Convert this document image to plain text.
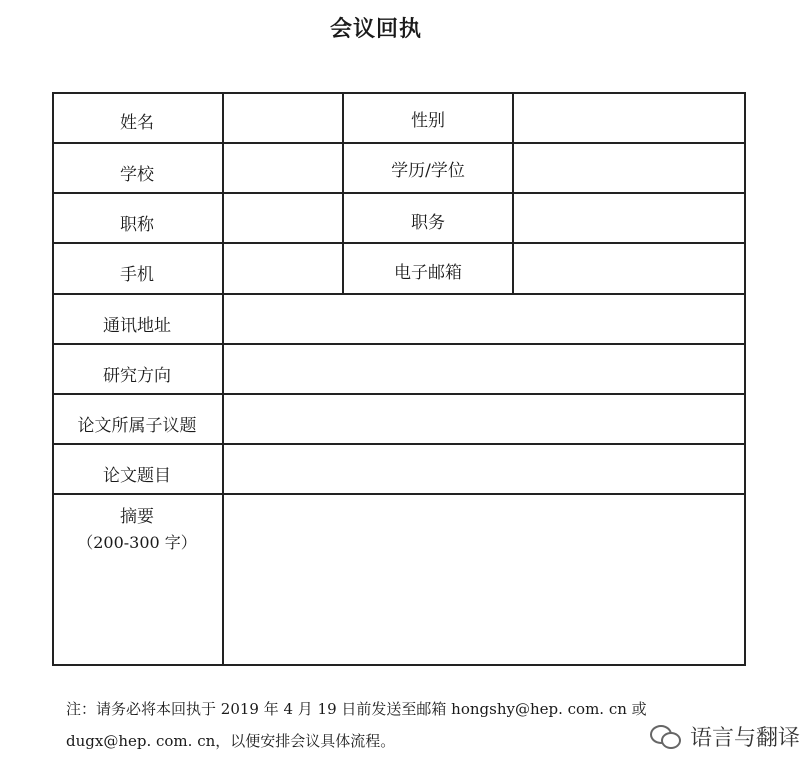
会议回执
姓名	性别
学校	学历/学位
职称	职务
手机	电子邮箱
通讯地址
研究方向
论文所属子议题
论文题目
摘要
（200-300 字）
注：请务必将本回执于 2019 年 4 月 19 日前发送至邮箱 hongshy@hep. com. cn 或
dugx@hep. com. cn，以便安排会议具体流程。	语言与翻译
